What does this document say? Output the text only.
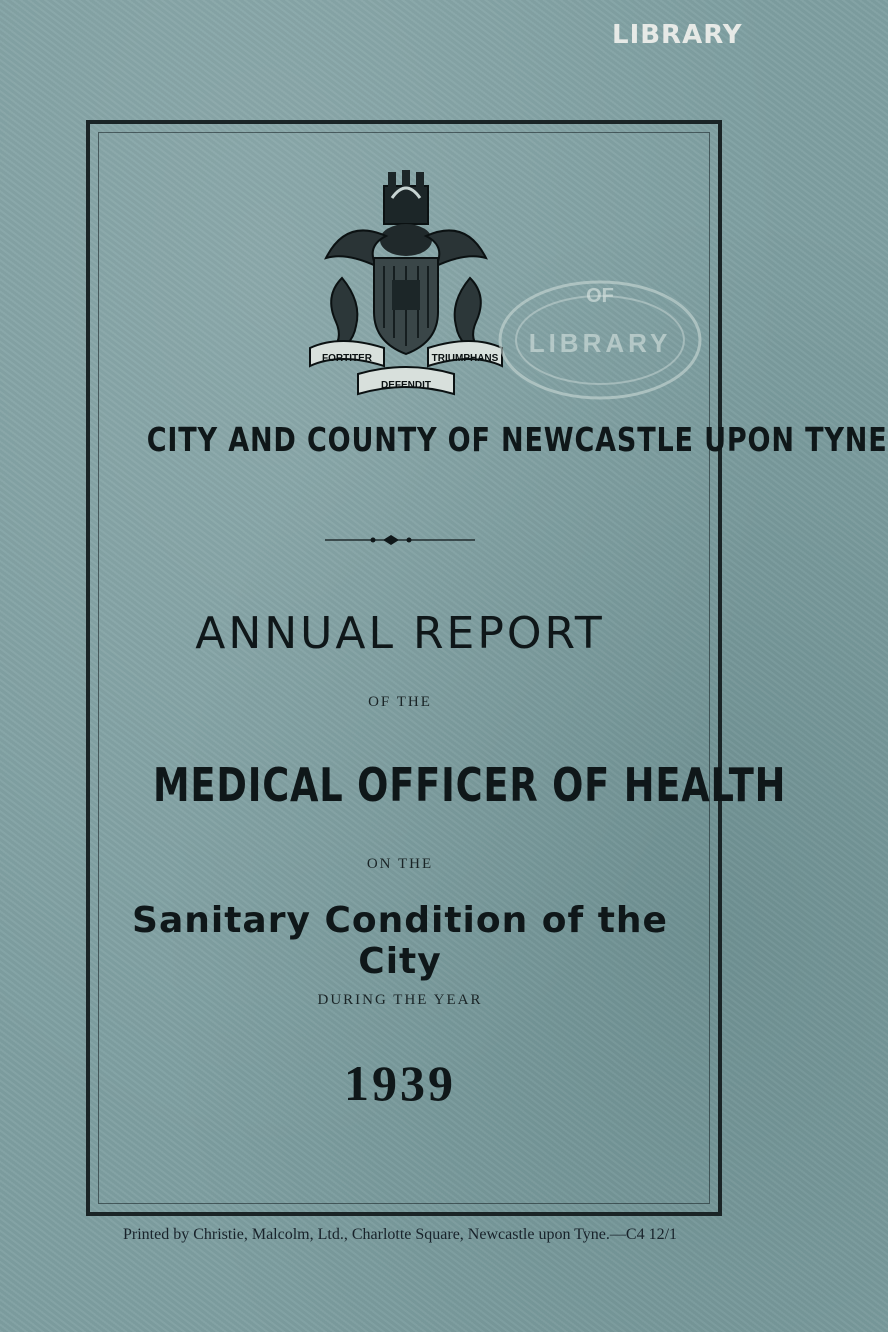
LIBRARY
FORTITER	TRIUMPHANS
DEFENDIT
OF
LIBRARY
CITY AND COUNTY OF NEWCASTLE UPON TYNE
ANNUAL REPORT
OF THE
MEDICAL OFFICER OF HEALTH
ON THE
Sanitary Condition of the City
DURING THE YEAR
1939
Printed by Christie, Malcolm, Ltd., Charlotte Square, Newcastle upon Tyne.—C4 12/1
